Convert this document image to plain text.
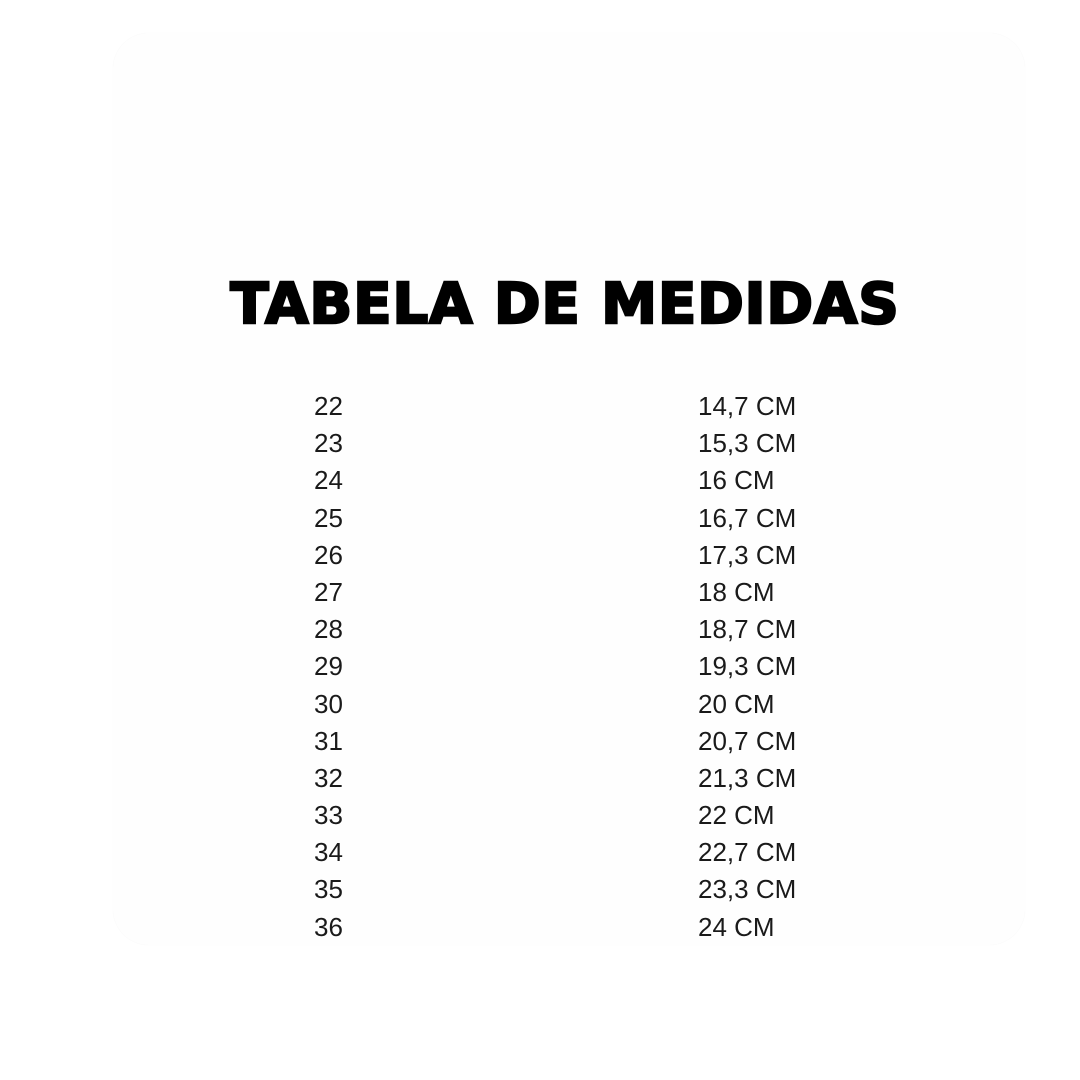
TABELA DE MEDIDAS
22	14,7 CM
23	15,3 CM
24	16 CM
25	16,7 CM
26	17,3 CM
27	18 CM
28	18,7 CM
29	19,3 CM
30	20 CM
31	20,7 CM
32	21,3 CM
33	22 CM
34	22,7 CM
35	23,3 CM
36	24 CM
